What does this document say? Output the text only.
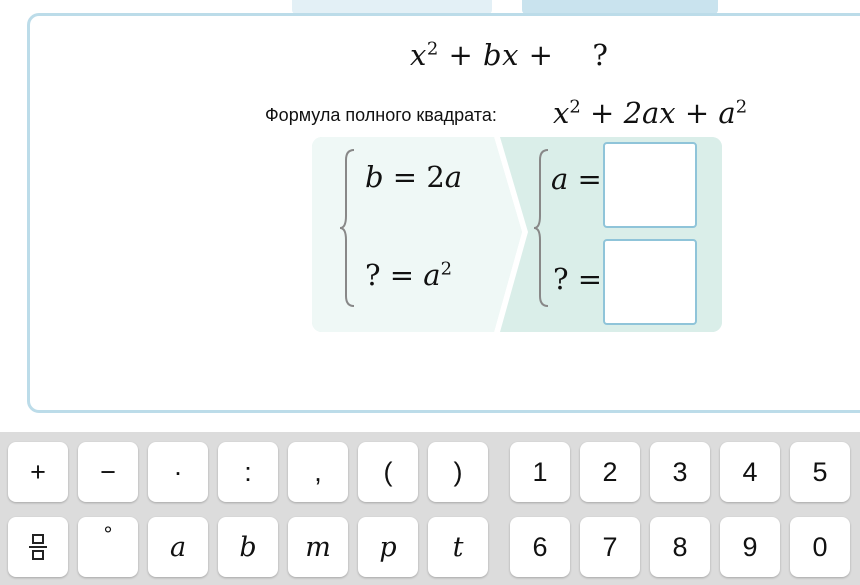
$x^2$ + bx +    ?
Формула полного квадрата: $x^2 + 2ax + a^2$
b = 2a
? = $a^2$
a =
? =
+	−	·	:	,	(	)	1	2	3	4	5
°	a	b	m	p	t	6	7	8	9	0
